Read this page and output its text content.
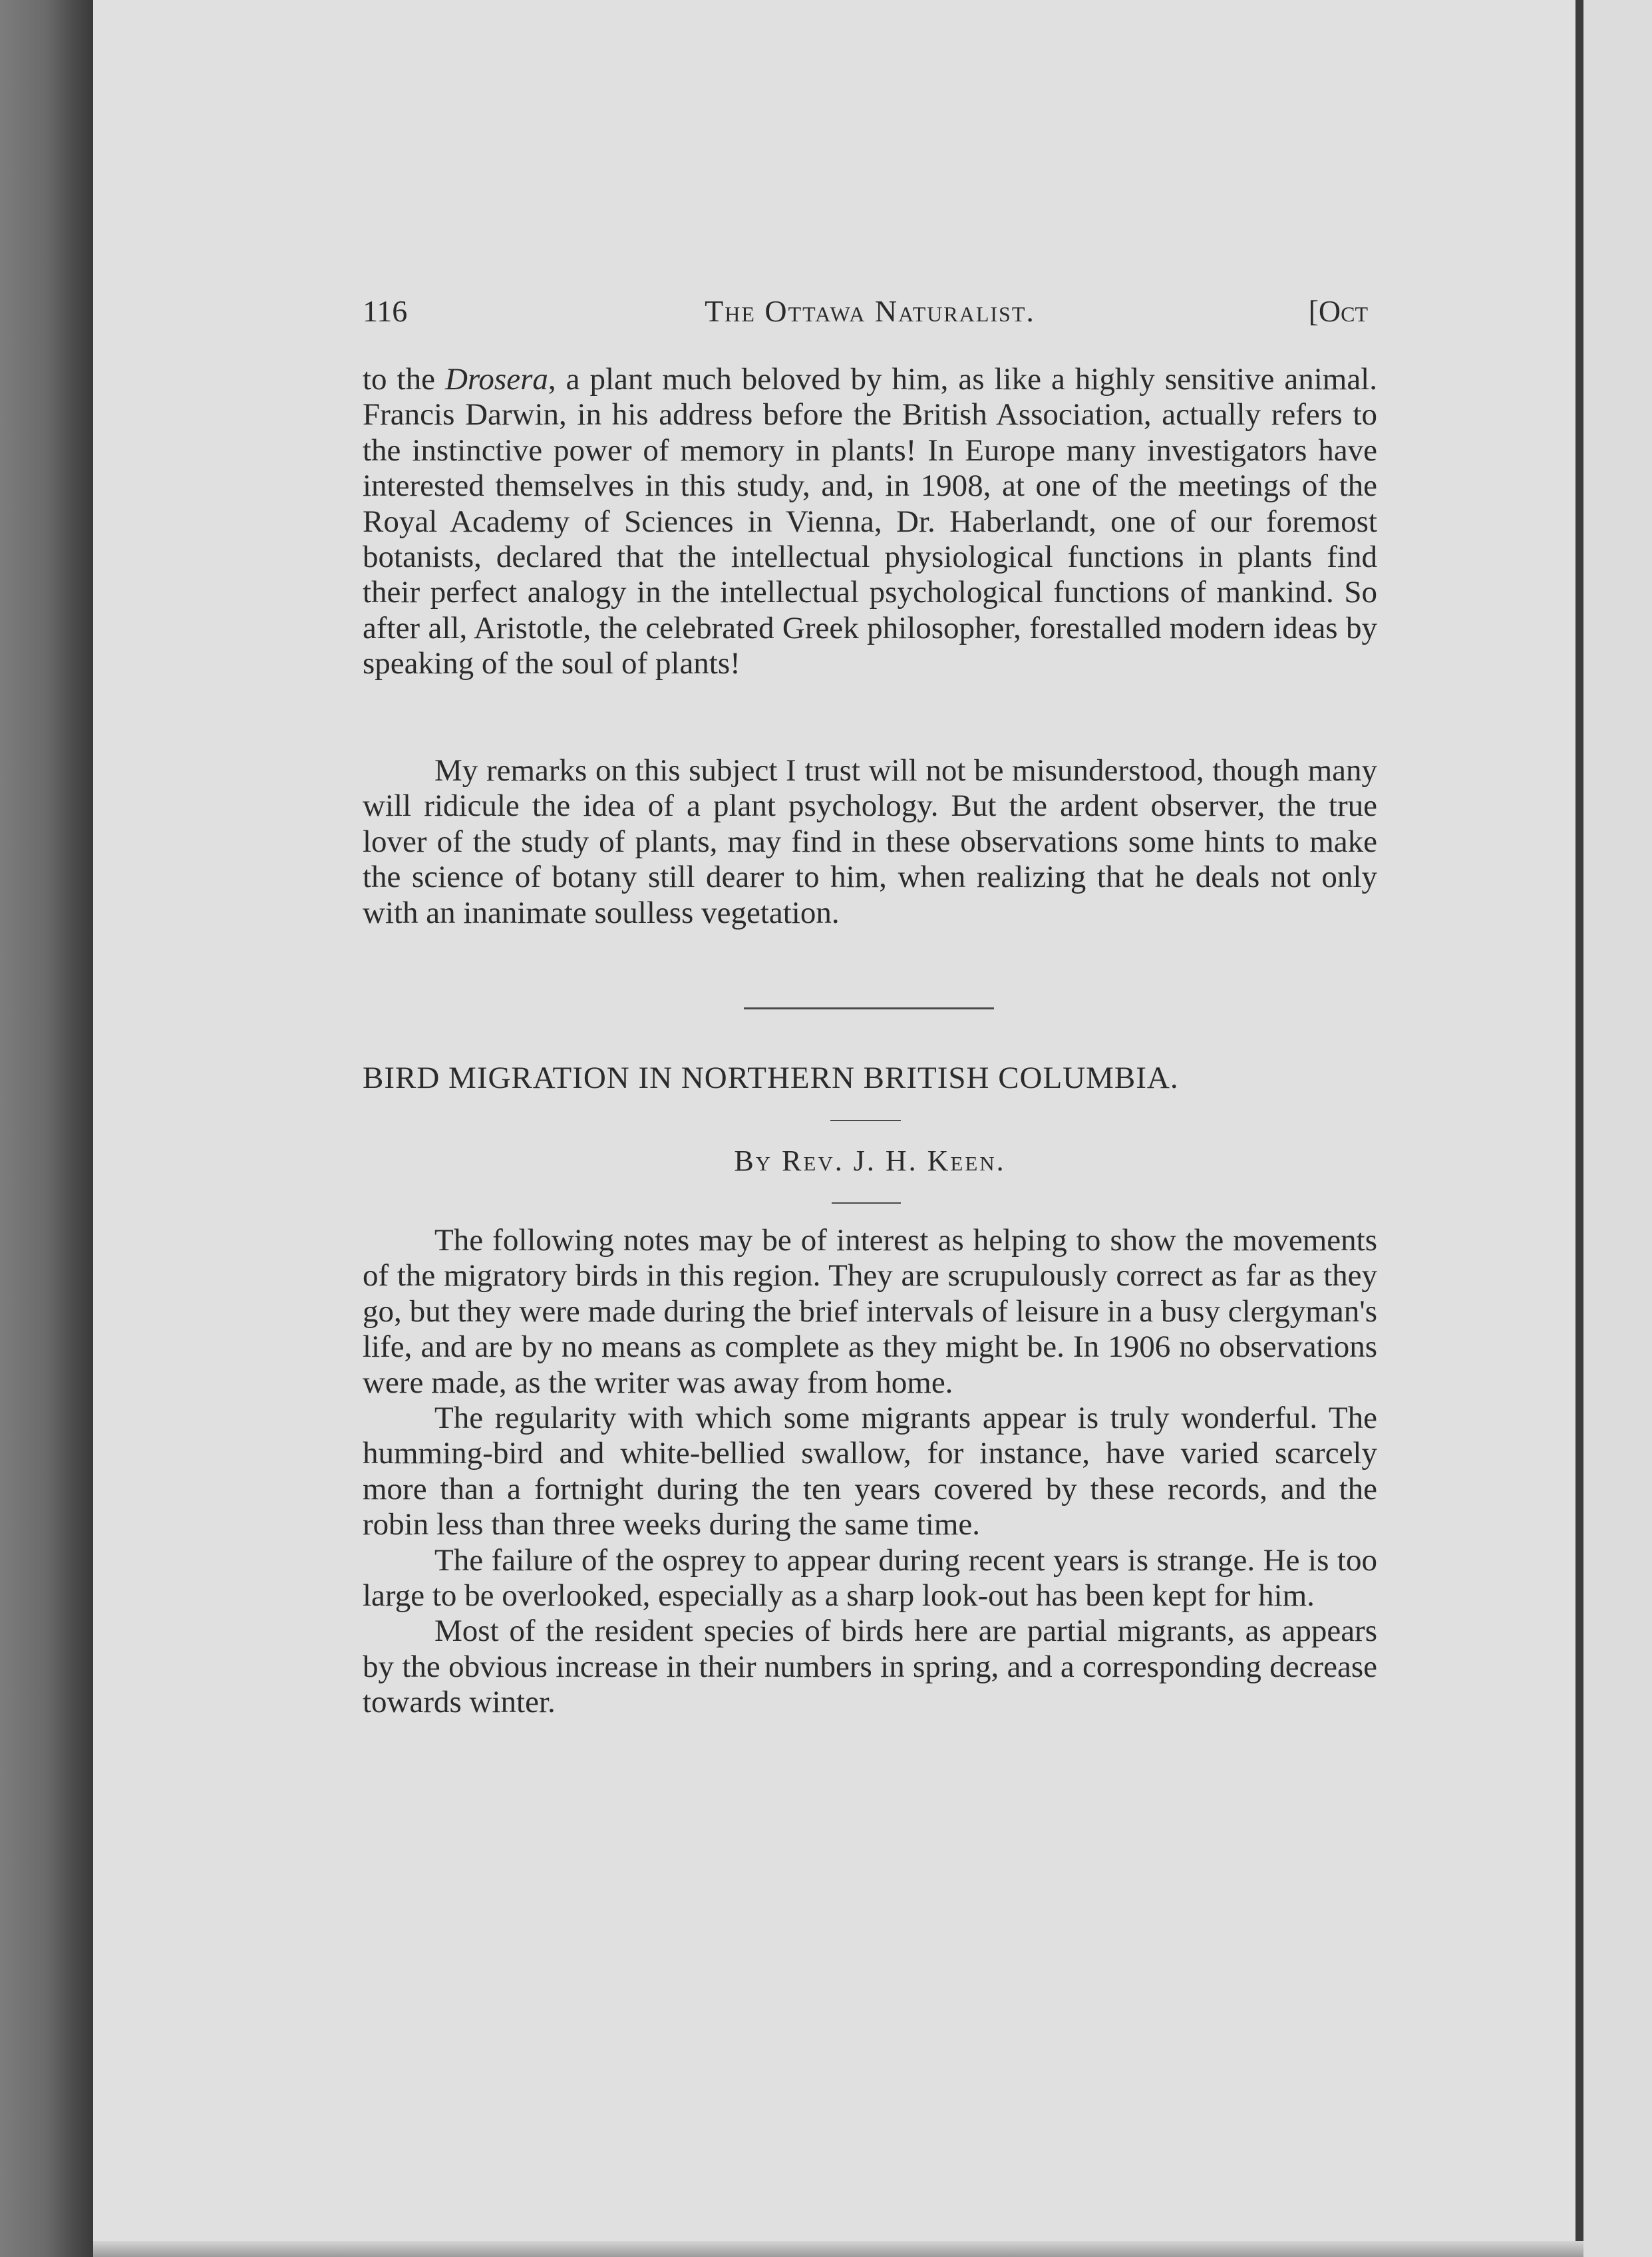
116	The Ottawa Naturalist.	[Oct

to the Drosera, a plant much beloved by him, as like a highly sensitive animal. Francis Darwin, in his address before the British Association, actually refers to the instinctive power of memory in plants! In Europe many investigators have interested themselves in this study, and, in 1908, at one of the meetings of the Royal Academy of Sciences in Vienna, Dr. Haberlandt, one of our foremost botanists, declared that the intellectual physiological functions in plants find their perfect analogy in the intellectual psychological functions of mankind. So after all, Aristotle, the celebrated Greek philosopher, forestalled modern ideas by speaking of the soul of plants!

My remarks on this subject I trust will not be misunderstood, though many will ridicule the idea of a plant psychology. But the ardent observer, the true lover of the study of plants, may find in these observations some hints to make the science of botany still dearer to him, when realizing that he deals not only with an inanimate soulless vegetation.

BIRD MIGRATION IN NORTHERN BRITISH COLUMBIA.
By Rev. J. H. Keen.

The following notes may be of interest as helping to show the movements of the migratory birds in this region. They are scrupulously correct as far as they go, but they were made during the brief intervals of leisure in a busy clergyman's life, and are by no means as complete as they might be. In 1906 no observations were made, as the writer was away from home.

The regularity with which some migrants appear is truly wonderful. The humming-bird and white-bellied swallow, for instance, have varied scarcely more than a fortnight during the ten years covered by these records, and the robin less than three weeks during the same time.

The failure of the osprey to appear during recent years is strange. He is too large to be overlooked, especially as a sharp look-out has been kept for him.

Most of the resident species of birds here are partial migrants, as appears by the obvious increase in their numbers in spring, and a corresponding decrease towards winter.
